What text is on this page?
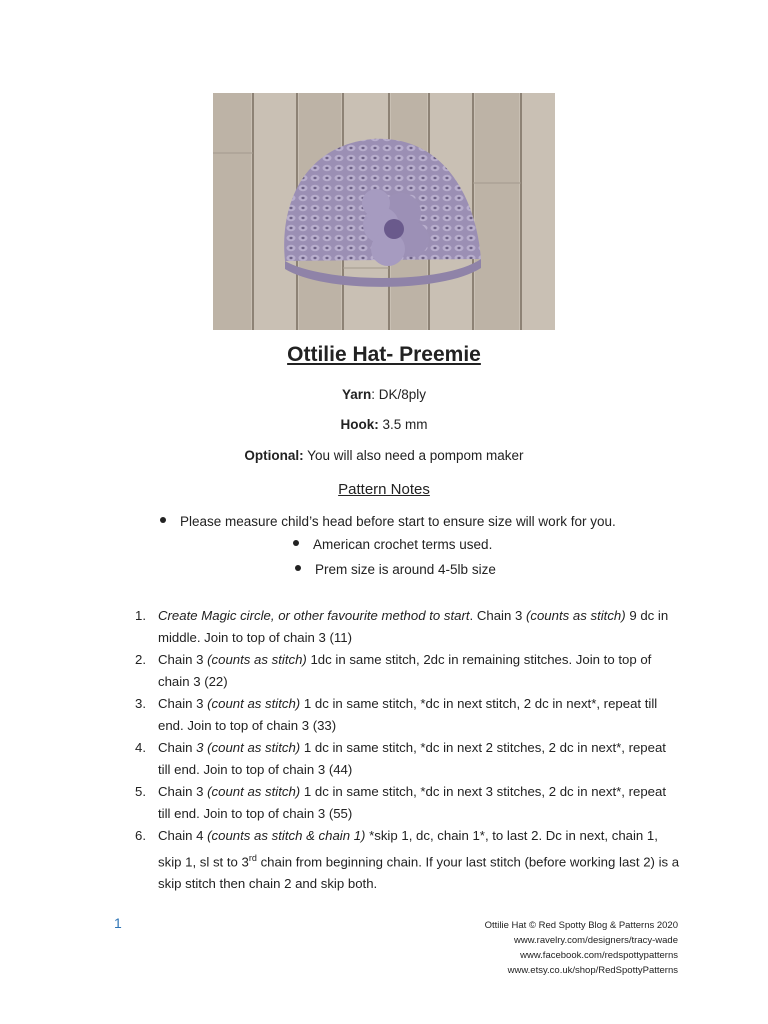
Ottilie Hat- Preemie
Yarn: DK/8ply
Hook: 3.5 mm
Optional: You will also need a pompom maker
Pattern Notes
Please measure child’s head before start to ensure size will work for you.
American crochet terms used.
Prem size is around 4-5lb size
1. Create Magic circle, or other favourite method to start. Chain 3 (counts as stitch) 9 dc in middle. Join to top of chain 3 (11)
2. Chain 3 (counts as stitch) 1dc in same stitch, 2dc in remaining stitches. Join to top of chain 3 (22)
3. Chain 3 (count as stitch) 1 dc in same stitch, *dc in next stitch, 2 dc in next*, repeat till end. Join to top of chain 3 (33)
4. Chain 3 (count as stitch) 1 dc in same stitch, *dc in next 2 stitches, 2 dc in next*, repeat till end. Join to top of chain 3 (44)
5. Chain 3 (count as stitch) 1 dc in same stitch, *dc in next 3 stitches, 2 dc in next*, repeat till end. Join to top of chain 3 (55)
6. Chain 4 (counts as stitch & chain 1) *skip 1, dc, chain 1*, to last 2. Dc in next, chain 1, skip 1, sl st to 3rd chain from beginning chain. If your last stitch (before working last 2) is a skip stitch then chain 2 and skip both.
1	Ottilie Hat © Red Spotty Blog & Patterns 2020
www.ravelry.com/designers/tracy-wade
www.facebook.com/redspottypatterns
www.etsy.co.uk/shop/RedSpottyPatterns
